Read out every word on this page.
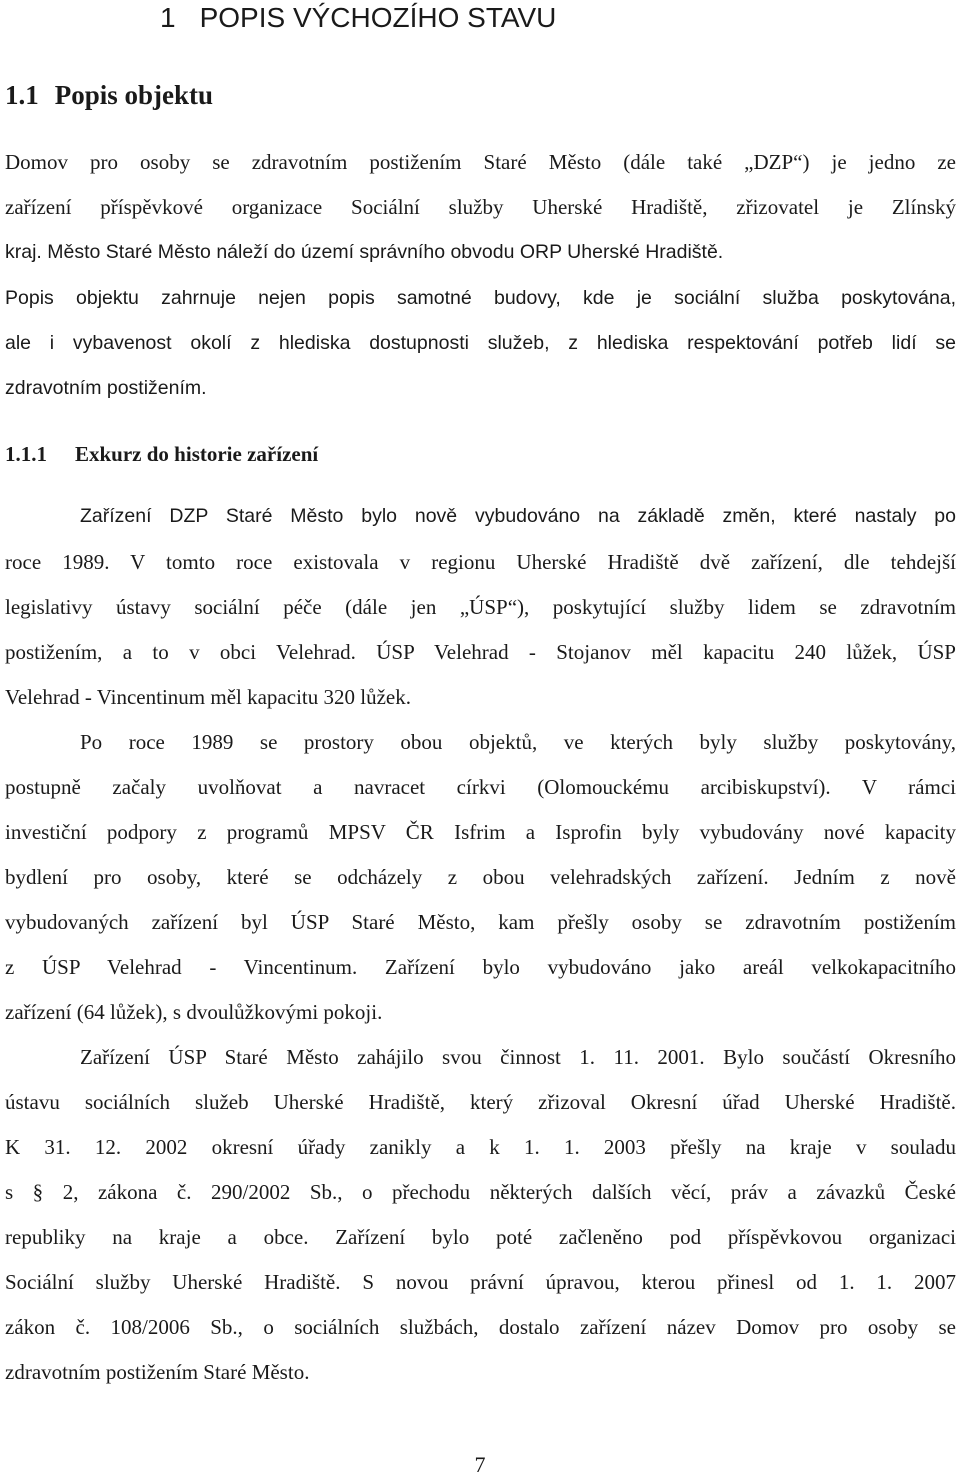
1 POPIS VÝCHOZÍHO STAVU
1.1 Popis objektu
Domov pro osoby se zdravotním postižením Staré Město (dále také „DZP“) je jedno ze
zařízení příspěvkové organizace Sociální služby Uherské Hradiště, zřizovatel je Zlínský
kraj. Město Staré Město náleží do území správního obvodu ORP Uherské Hradiště.
Popis objektu zahrnuje nejen popis samotné budovy, kde je sociální služba poskytována,
ale i vybavenost okolí z hlediska dostupnosti služeb, z hlediska respektování potřeb lidí se
zdravotním postižením.
1.1.1 Exkurz do historie zařízení
Zařízení DZP Staré Město bylo nově vybudováno na základě změn, které nastaly po
roce 1989. V tomto roce existovala v regionu Uherské Hradiště dvě zařízení, dle tehdejší
legislativy ústavy sociální péče (dále jen „ÚSP“), poskytující služby lidem se zdravotním
postižením, a to v obci Velehrad. ÚSP Velehrad - Stojanov měl kapacitu 240 lůžek, ÚSP
Velehrad - Vincentinum měl kapacitu 320 lůžek.
Po roce 1989 se prostory obou objektů, ve kterých byly služby poskytovány,
postupně začaly uvolňovat a navracet církvi (Olomouckému arcibiskupství). V rámci
investiční podpory z programů MPSV ČR Isfrim a Isprofin byly vybudovány nové kapacity
bydlení pro osoby, které se odcházely z obou velehradských zařízení. Jedním z nově
vybudovaných zařízení byl ÚSP Staré Město, kam přešly osoby se zdravotním postižením
z ÚSP Velehrad - Vincentinum. Zařízení bylo vybudováno jako areál velkokapacitního
zařízení (64 lůžek), s dvoulůžkovými pokoji.
Zařízení ÚSP Staré Město zahájilo svou činnost 1. 11. 2001. Bylo součástí Okresního
ústavu sociálních služeb Uherské Hradiště, který zřizoval Okresní úřad Uherské Hradiště.
K 31. 12. 2002 okresní úřady zanikly a k 1. 1. 2003 přešly na kraje v souladu
s § 2, zákona č. 290/2002 Sb., o přechodu některých dalších věcí, práv a závazků České
republiky na kraje a obce. Zařízení bylo poté začleněno pod příspěvkovou organizaci
Sociální služby Uherské Hradiště. S novou právní úpravou, kterou přinesl od 1. 1. 2007
zákon č. 108/2006 Sb., o sociálních službách, dostalo zařízení název Domov pro osoby se
zdravotním postižením Staré Město.
7
